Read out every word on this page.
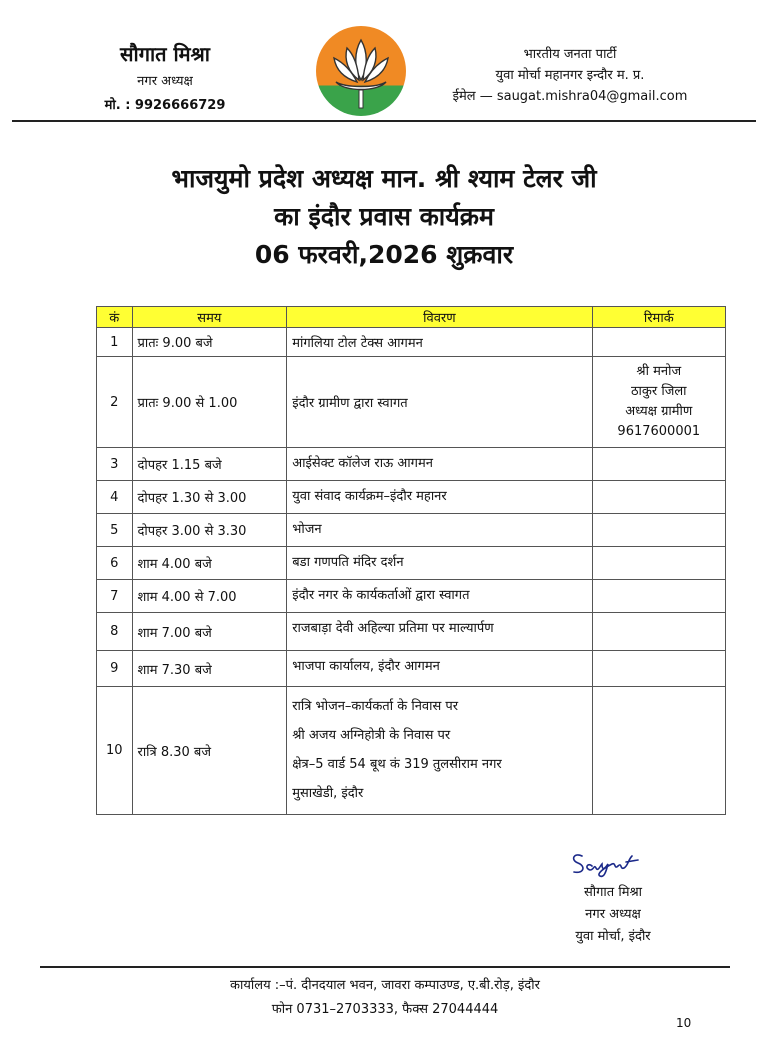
सौगात मिश्रा
नगर अध्यक्ष
मो. : 9926666729
भारतीय जनता पार्टी
युवा मोर्चा महानगर इन्दौर म. प्र.
ईमेल — saugat.mishra04@gmail.com
भाजयुमो प्रदेश अध्यक्ष मान. श्री श्याम टेलर जी
का इंदौर प्रवास कार्यक्रम
06 फरवरी,2026 शुक्रवार
कं	समय	विवरण	रिमार्क
1	प्रातः 9.00 बजे	मांगलिया टोल टेक्स आगमन	

2	प्रातः 9.00 से 1.00	इंदौर ग्रामीण द्वारा स्वागत	श्री मनोज
ठाकुर जिला
अध्यक्ष ग्रामीण
9617600001

3	दोपहर 1.15 बजे	आईसेक्ट कॉलेज राऊ आगमन	

4	दोपहर 1.30 से 3.00	युवा संवाद कार्यक्रम–इंदौर महानर	

5	दोपहर 3.00 से 3.30	भोजन	

6	शाम 4.00 बजे	बडा गणपति मंदिर दर्शन	

7	शाम 4.00 से 7.00	इंदौर नगर के कार्यकर्ताओं द्वारा स्वागत	

8	शाम 7.00 बजे	राजबाड़ा देवी अहिल्या प्रतिमा पर माल्यार्पण	

9	शाम 7.30 बजे	भाजपा कार्यालय, इंदौर आगमन	

10	रात्रि 8.30 बजे	रात्रि भोजन–कार्यकर्ता के निवास पर
श्री अजय अग्निहोत्री के निवास पर
क्षेत्र–5 वार्ड 54 बूथ कं 319 तुलसीराम नगर
मुसाखेडी, इंदौर	

सौगात मिश्रा
नगर अध्यक्ष
युवा मोर्चा, इंदौर
कार्यालय :–पं. दीनदयाल भवन, जावरा कम्पाउण्ड, ए.बी.रोड़, इंदौर
फोन 0731–2703333, फैक्स 27044444
10
